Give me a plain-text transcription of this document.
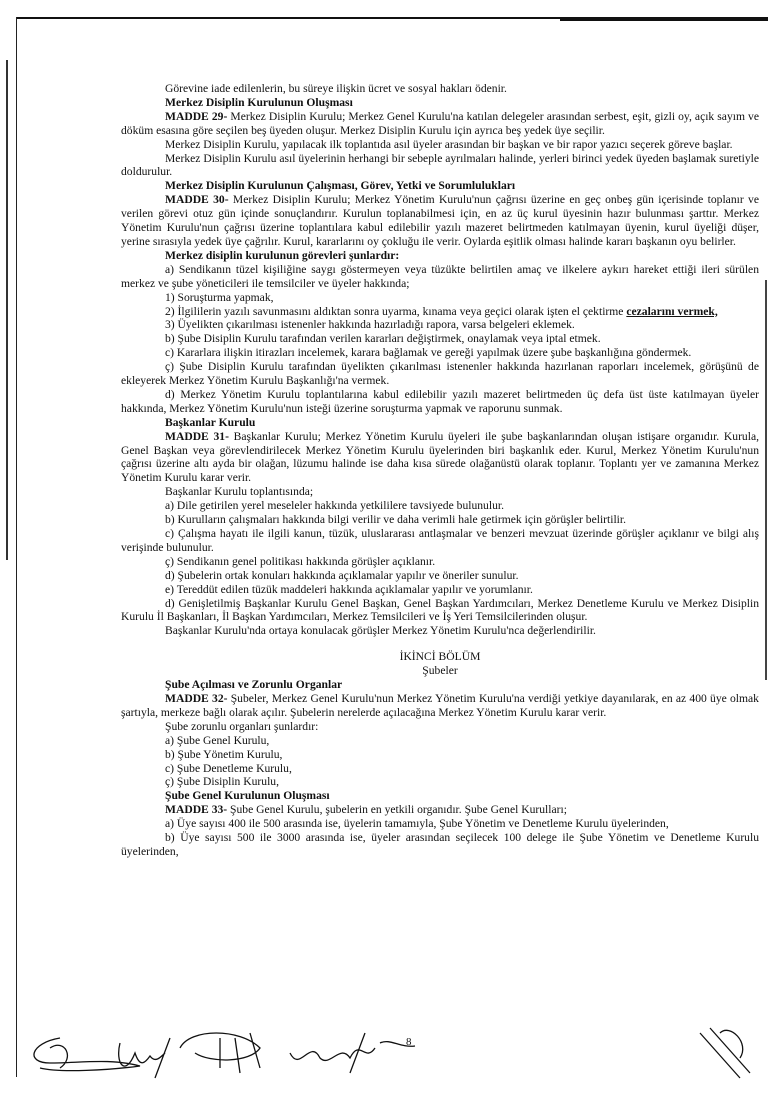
Görevine iade edilenlerin, bu süreye ilişkin ücret ve sosyal hakları ödenir.

Merkez Disiplin Kurulunun Oluşması

MADDE 29- Merkez Disiplin Kurulu; Merkez Genel Kurulu'na katılan delegeler arasından serbest, eşit, gizli oy, açık sayım ve döküm esasına göre seçilen beş üyeden oluşur. Merkez Disiplin Kurulu için ayrıca beş yedek üye seçilir.

Merkez Disiplin Kurulu, yapılacak ilk toplantıda asıl üyeler arasından bir başkan ve bir rapor yazıcı seçerek göreve başlar.

Merkez Disiplin Kurulu asıl üyelerinin herhangi bir sebeple ayrılmaları halinde, yerleri birinci yedek üyeden başlamak suretiyle doldurulur.

Merkez Disiplin Kurulunun Çalışması, Görev, Yetki ve Sorumlulukları

MADDE 30- Merkez Disiplin Kurulu; Merkez Yönetim Kurulu'nun çağrısı üzerine en geç onbeş gün içerisinde toplanır ve verilen görevi otuz gün içinde sonuçlandırır. Kurulun toplanabilmesi için, en az üç kurul üyesinin hazır bulunması şarttır. Merkez Yönetim Kurulu'nun çağrısı üzerine toplantılara kabul edilebilir yazılı mazeret belirtmeden katılmayan üyenin, kurul üyeliği düşer, yerine sırasıyla yedek üye çağrılır. Kurul, kararlarını oy çokluğu ile verir. Oylarda eşitlik olması halinde kararı başkanın oyu belirler.

Merkez disiplin kurulunun görevleri şunlardır:

a) Sendikanın tüzel kişiliğine saygı göstermeyen veya tüzükte belirtilen amaç ve ilkelere aykırı hareket ettiği ileri sürülen merkez ve şube yöneticileri ile temsilciler ve üyeler hakkında;

1) Soruşturma yapmak,

2) İlgililerin yazılı savunmasını aldıktan sonra uyarma, kınama veya geçici olarak işten el çektirme cezalarını vermek,

3) Üyelikten çıkarılması istenenler hakkında hazırladığı rapora, varsa belgeleri eklemek.

b) Şube Disiplin Kurulu tarafından verilen kararları değiştirmek, onaylamak veya iptal etmek.

c) Kararlara ilişkin itirazları incelemek, karara bağlamak ve gereği yapılmak üzere şube başkanlığına göndermek.

ç) Şube Disiplin Kurulu tarafından üyelikten çıkarılması istenenler hakkında hazırlanan raporları incelemek, görüşünü de ekleyerek Merkez Yönetim Kurulu Başkanlığı'na vermek.

d) Merkez Yönetim Kurulu toplantılarına kabul edilebilir yazılı mazeret belirtmeden üç defa üst üste katılmayan üyeler hakkında, Merkez Yönetim Kurulu'nun isteği üzerine soruşturma yapmak ve raporunu sunmak.

Başkanlar Kurulu

MADDE 31- Başkanlar Kurulu; Merkez Yönetim Kurulu üyeleri ile şube başkanlarından oluşan istişare organıdır. Kurula, Genel Başkan veya görevlendirilecek Merkez Yönetim Kurulu üyelerinden biri başkanlık eder. Kurul, Merkez Yönetim Kurulu'nun çağrısı üzerine altı ayda bir olağan, lüzumu halinde ise daha kısa sürede olağanüstü olarak toplanır. Toplantı yer ve zamanına Merkez Yönetim Kurulu karar verir.

Başkanlar Kurulu toplantısında;

a) Dile getirilen yerel meseleler hakkında yetkililere tavsiyede bulunulur.

b) Kurulların çalışmaları hakkında bilgi verilir ve daha verimli hale getirmek için görüşler belirtilir.

c) Çalışma hayatı ile ilgili kanun, tüzük, uluslararası antlaşmalar ve benzeri mevzuat üzerinde görüşler açıklanır ve bilgi alış verişinde bulunulur.

ç) Sendikanın genel politikası hakkında görüşler açıklanır.

d) Şubelerin ortak konuları hakkında açıklamalar yapılır ve öneriler sunulur.

e) Tereddüt edilen tüzük maddeleri hakkında açıklamalar yapılır ve yorumlanır.

d) Genişletilmiş Başkanlar Kurulu Genel Başkan, Genel Başkan Yardımcıları, Merkez Denetleme Kurulu ve Merkez Disiplin Kurulu İl Başkanları, İl Başkan Yardımcıları, Merkez Temsilcileri ve İş Yeri Temsilcilerinden oluşur.

Başkanlar Kurulu'nda ortaya konulacak görüşler Merkez Yönetim Kurulu'nca değerlendirilir.

İKİNCİ BÖLÜM

Şubeler

Şube Açılması ve Zorunlu Organlar

MADDE 32- Şubeler, Merkez Genel Kurulu'nun Merkez Yönetim Kurulu'na verdiği yetkiye dayanılarak, en az 400 üye olmak şartıyla, merkeze bağlı olarak açılır. Şubelerin nerelerde açılacağına Merkez Yönetim Kurulu karar verir.

Şube zorunlu organları şunlardır:

a) Şube Genel Kurulu,

b) Şube Yönetim Kurulu,

c) Şube Denetleme Kurulu,

ç) Şube Disiplin Kurulu,

Şube Genel Kurulunun Oluşması

MADDE 33- Şube Genel Kurulu, şubelerin en yetkili organıdır. Şube Genel Kurulları;

a) Üye sayısı 400 ile 500 arasında ise, üyelerin tamamıyla, Şube Yönetim ve Denetleme Kurulu üyelerinden,

b) Üye sayısı 500 ile 3000 arasında ise, üyeler arasından seçilecek 100 delege ile Şube Yönetim ve Denetleme Kurulu üyelerinden,

8
